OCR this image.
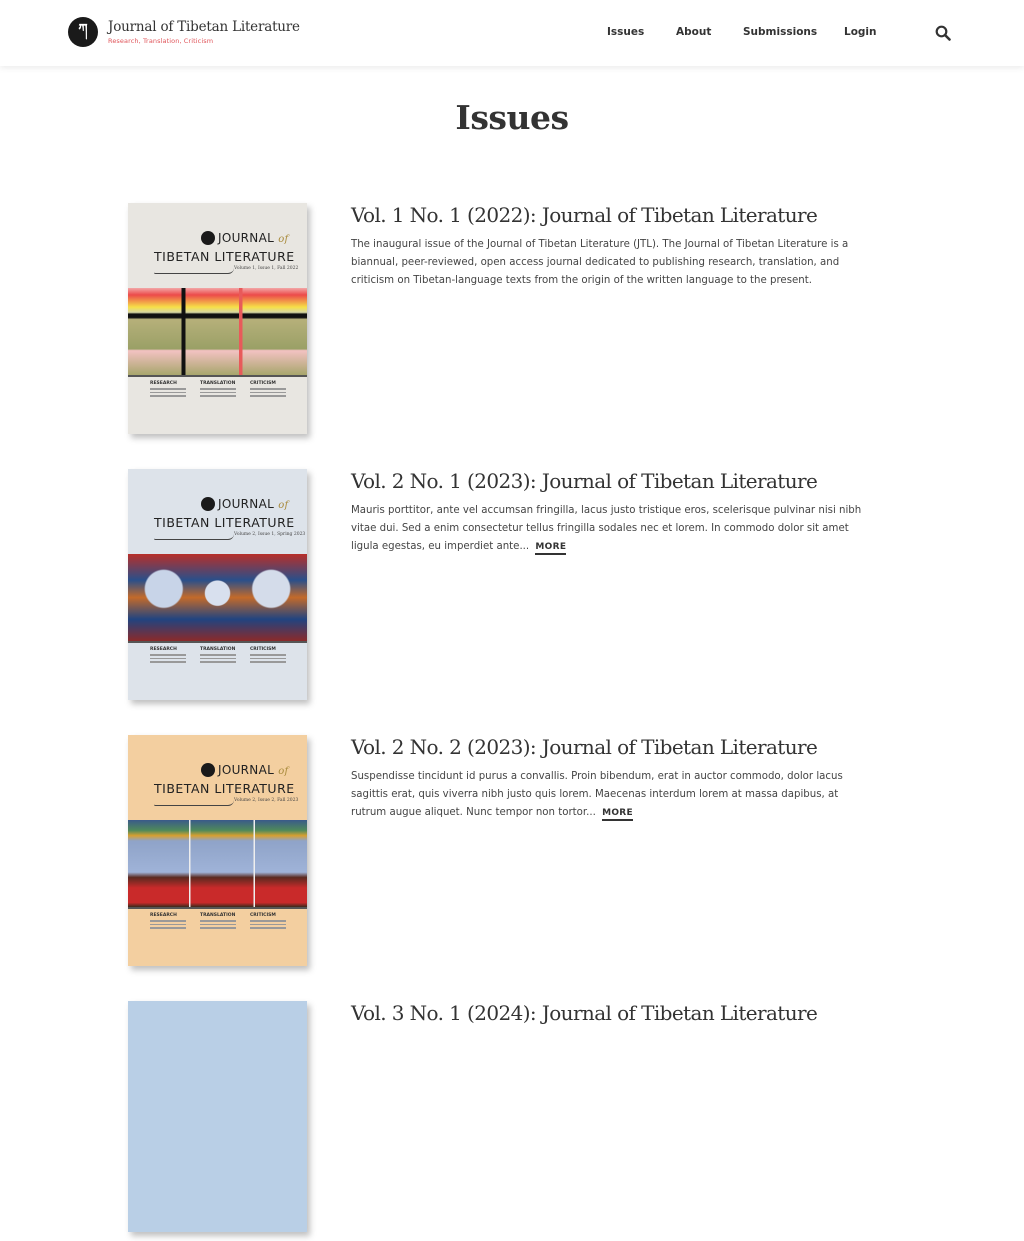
ཀ	Journal of Tibetan Literature
Research, Translation, Criticism
Issues	About	Submissions	Login
Issues
JOURNAL of
TIBETAN LITERATURE
Volume 1, Issue 1, Fall 2022
RESEARCH	TRANSLATION	CRITICISM
Vol. 1 No. 1 (2022): Journal of Tibetan Literature

The inaugural issue of the Journal of Tibetan Literature (JTL). The Journal of Tibetan Literature is a biannual, peer-reviewed, open access journal dedicated to publishing research, translation, and criticism on Tibetan-language texts from the origin of the written language to the present.

JOURNAL of
TIBETAN LITERATURE
Volume 2, Issue 1, Spring 2023
RESEARCH	TRANSLATION	CRITICISM
Vol. 2 No. 1 (2023): Journal of Tibetan Literature

Mauris porttitor, ante vel accumsan fringilla, lacus justo tristique eros, scelerisque pulvinar nisi nibh vitae dui. Sed a enim consectetur tellus fringilla sodales nec et lorem. In commodo dolor sit amet ligula egestas, eu imperdiet ante... MORE

JOURNAL of
TIBETAN LITERATURE
Volume 2, Issue 2, Fall 2023
RESEARCH	TRANSLATION	CRITICISM
Vol. 2 No. 2 (2023): Journal of Tibetan Literature

Suspendisse tincidunt id purus a convallis. Proin bibendum, erat in auctor commodo, dolor lacus sagittis erat, quis viverra nibh justo quis lorem. Maecenas interdum lorem at massa dapibus, at rutrum augue aliquet. Nunc tempor non tortor... MORE

Vol. 3 No. 1 (2024): Journal of Tibetan Literature
